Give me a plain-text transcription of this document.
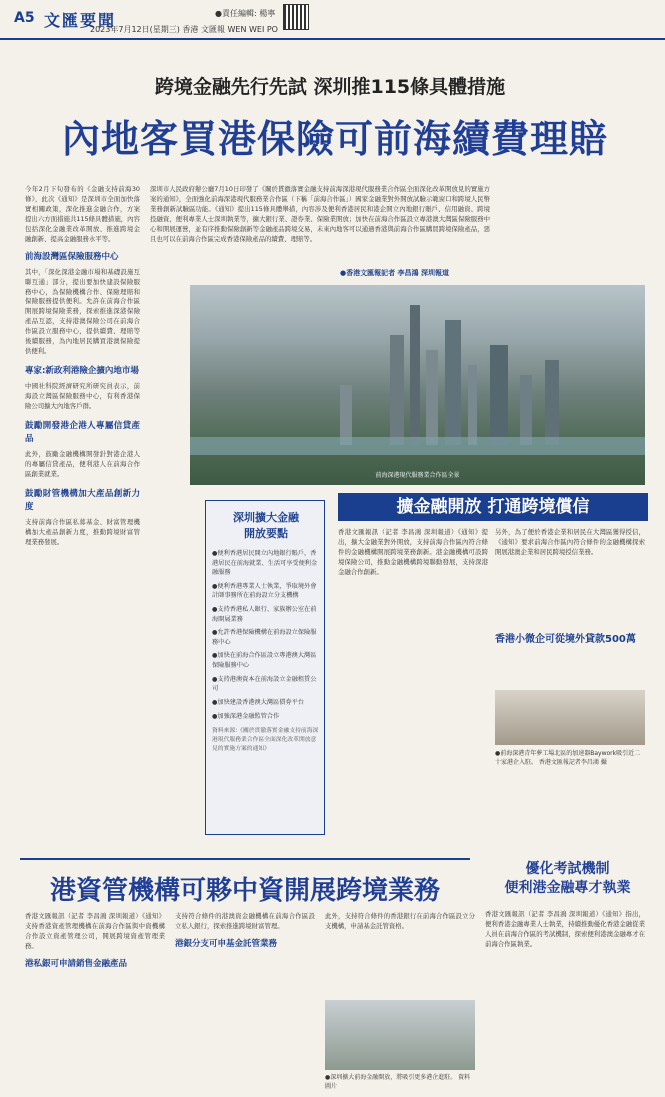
A5 文匯要聞
2023年7月12日(星期三) 香港 文匯報 WEN WEI PO
●責任編輯: 楊寧
跨境金融先行先試 深圳推115條具體措施
內地客買港保險可前海續費理賠
深圳市人民政府辦公廳7月10日印發了《關於貫徹落實金融支持前海深港現代服務業合作區全面深化改革開放見的實施方案的通知》，全面強化前海深港現代服務業合作區（下稱「前海合作區」）國家金融業對外開放試驗示範窗口和跨境人民幣業務創新試驗區功能。《通知》提出115條具體舉措，內容涉及便利香港居民和港企開立內地銀行賬戶、信用融資、跨境投融資，便利專業人士深圳執業等，擴大銀行業、證券業、保險業開放；加快在前海合作區設立專港澳大灣區保險服務中心和開展運營，並有序推動保險創新等金融產品跨境交易，未來內地客可以通過香港與前海合作區購買跨境保險產品，惡且也可以在前海合作區完成香港保險產品的續費、理賠等。
●香港文匯報記者 李昌鴻 深圳報道

今年2月下旬發布的《金融支持前海30條》，此次《通知》是深圳市全面加快落實相關政策，深化推進金融合作，方案提出六方面措施共115條具體措施，內容包括深化金融業改革開放、推進跨境金融創新、提高金融服務水平等。

前海設灣區保險服務中心

其中，「深化深港金融市場和基礎設施互聯互通」部分，提出要加快建設保險服務中心，為保險機構合作、保險理賠和保險服務提供便利。允許在前海合作區開展跨境保險業務，探索推進深港保險產品互認，支持港澳保險公司在前海合作區設立服務中心，提供續費、理賠等後續服務，為內地居民購買港澳保險提供便利。

專家:新政利港險企擴內地市場

中國社科院經濟研究所研究員表示，前海設立灣區保險服務中心，有利香港保險公司擴大內地客戶群。

鼓勵開發港企港人專屬信貸產品

此外，鼓勵金融機構開發針對港企港人的專屬信貸產品，便利港人在前海合作區創業就業。

鼓勵財管機構加大產品創新力度

支持前海合作區私募基金、財富管理機構加大產品創新力度，推動跨境財富管理業務發展。

前海深港現代服務業合作區全景
深圳擴大金融
開放要點
●便利香港居民開立內地銀行賬戶，香港居民在前海就業、生活可享受便利金融服務
●便利香港專業人士執業，爭取境外會計師事務所在前海設立分支機構
●支持香港私人銀行、家族辦公室在前海開展業務
●允許香港保險機構在前海設立保險服務中心
●加快在前海合作區設立專港澳大灣區保險服務中心
●支持港澳資本在前海設立金融租賃公司
●加快建設香港澳大灣區債券平台
●加強深港金融監管合作
資料來源:《關於貫徹落實金融支持前海深港現代服務業合作區全面深化改革開放意見的實施方案的通知》
擴金融開放 打通跨境償信
香港文匯報訊（記者 李昌鴻 深圳報道）《通知》提出，擴大金融業對外開放，支持前海合作區內符合條件的金融機構開展跨境業務創新。港金融機構可設跨境保險公司，推動金融機構跨境聯動發展，支持深港金融合作創新。
另外，為了便於香港企業和居民在大灣區獲得授信，《通知》要求前海合作區內符合條件的金融機構探索開展港澳企業和居民跨境授信業務。
香港小微企可從境外貸款500萬
●前海深港青年夢工場北區的加速器Baywork吸引近二十家港企入駐。 香港文匯報記者李昌鴻 攝
港資管機構可夥中資開展跨境業務
優化考試機制
便利港金融專才執業

香港文匯報訊（記者 李昌鴻 深圳報道）《通知》支持香港資產管理機構在前海合作區與中資機構合作設立資產管理公司，開展跨境資產管理業務。

港私銀可申請銷售金融產品

支持符合條件的港澳資金融機構在前海合作區設立私人銀行，探索推進跨境財富管理。

港銀分支可申基金託管業務
此外，支持符合條件的香港銀行在前海合作區設立分支機構，申請基金託管資格。
●深圳擴大前海金融開放，將吸引更多港企進駐。 資料圖片
香港文匯報訊（記者 李昌鴻 深圳報道）《通知》指出，便利香港金融專業人士執業，持續推動優化香港金融從業人員在前海合作區的考試機制，探索便利港澳金融專才在前海合作區執業。
